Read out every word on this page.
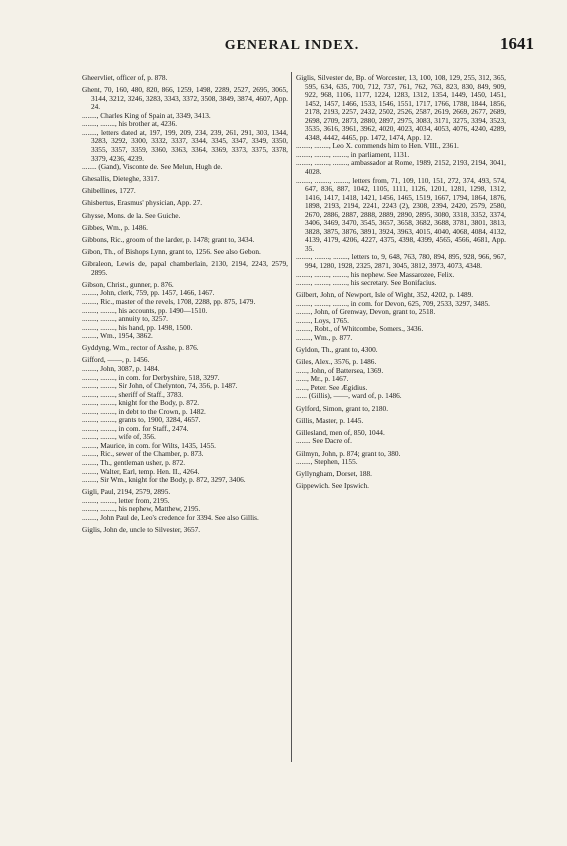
GENERAL INDEX.	1641

Gheervliet, officer of, p. 878.

Ghent, 70, 160, 480, 820, 866, 1259, 1498, 2289, 2527, 2695, 3065, 3144, 3212, 3246, 3283, 3343, 3372, 3508, 3849, 3874, 4607, App. 24.

........, Charles King of Spain at, 3349, 3413.

........, ........, his brother at, 4236.

........, letters dated at, 197, 199, 209, 234, 239, 261, 291, 303, 1344, 3283, 3292, 3300, 3332, 3337, 3344, 3345, 3347, 3349, 3350, 3355, 3357, 3359, 3360, 3363, 3364, 3369, 3373, 3375, 3378, 3379, 4236, 4239.

........ (Gand), Visconte de. See Melun, Hugh de.

Ghesallis, Dieteghe, 3317.

Ghibellines, 1727.

Ghisbertus, Erasmus' physician, App. 27.

Ghysse, Mons. de la. See Guiche.

Gibbes, Wm., p. 1486.

Gibbons, Ric., groom of the larder, p. 1478; grant to, 3434.

Gibon, Th., of Bishops Lynn, grant to, 1256. See also Gebon.

Gibraleon, Lewis de, papal chamberlain, 2130, 2194, 2243, 2579, 2895.

Gibson, Christ., gunner, p. 876.

........, John, clerk, 759, pp. 1457, 1466, 1467.

........, Ric., master of the revels, 1708, 2288, pp. 875, 1479.

........, ........, his accounts, pp. 1490—1510.

........, ........, annuity to, 3257.

........, ........, his hand, pp. 1498, 1500.

........, Wm., 1954, 3862.

Gyddyng, Wm., rector of Asshe, p. 876.

Gifford, ——, p. 1456.

........, John, 3087, p. 1484.

........, ........, in com. for Derbyshire, 518, 3297.

........, ........, Sir John, of Chelynton, 74, 356, p. 1487.

........, ........, sheriff of Staff., 3783.

........, ........, knight for the Body, p. 872.

........, ........, in debt to the Crown, p. 1482.

........, ........, grants to, 1900, 3284, 4657.

........, ........, in com. for Staff., 2474.

........, ........, wife of, 356.

........, Maurice, in com. for Wilts, 1435, 1455.

........, Ric., sewer of the Chamber, p. 873.

........, Th., gentleman usher, p. 872.

........, Walter, Earl, temp. Hen. II., 4264.

........, Sir Wm., knight for the Body, p. 872, 3297, 3406.

Gigli, Paul, 2194, 2579, 2895.

........, ........, letter from, 2195.

........, ........, his nephew, Matthew, 2195.

........, John Paul de, Leo's credence for 3394. See also Gillis.

Giglis, John de, uncle to Silvester, 3657.

Giglis, Silvester de, Bp. of Worcester, 13, 100, 108, 129, 255, 312, 365, 595, 634, 635, 700, 712, 737, 761, 762, 763, 823, 830, 849, 909, 922, 968, 1106, 1177, 1224, 1283, 1312, 1354, 1449, 1450, 1451, 1452, 1457, 1466, 1533, 1546, 1551, 1717, 1766, 1788, 1844, 1856, 2178, 2193, 2257, 2432, 2502, 2526, 2587, 2619, 2669, 2677, 2689, 2698, 2709, 2873, 2880, 2897, 2975, 3083, 3171, 3275, 3394, 3523, 3535, 3616, 3961, 3962, 4020, 4023, 4034, 4053, 4076, 4240, 4289, 4348, 4442, 4465, pp. 1472, 1474, App. 12.

........, ........, Leo X. commends him to Hen. VIII., 2361.

........, ........, ........, in parliament, 1131.

........, ........, ........, ambassador at Rome, 1989, 2152, 2193, 2194, 3041, 4028.

........, ........, ........, letters from, 71, 109, 110, 151, 272, 374, 493, 574, 647, 836, 887, 1042, 1105, 1111, 1126, 1201, 1281, 1298, 1312, 1416, 1417, 1418, 1421, 1456, 1465, 1519, 1667, 1794, 1864, 1876, 1898, 2193, 2194, 2241, 2243 (2), 2308, 2394, 2420, 2579, 2580, 2670, 2886, 2887, 2888, 2889, 2890, 2895, 3080, 3318, 3352, 3374, 3406, 3469, 3470, 3545, 3657, 3658, 3682, 3688, 3781, 3801, 3813, 3828, 3875, 3876, 3891, 3924, 3963, 4015, 4040, 4068, 4084, 4132, 4139, 4179, 4206, 4227, 4375, 4398, 4399, 4565, 4566, 4681, App. 35.

........, ........, ........, letters to, 9, 648, 763, 780, 894, 895, 928, 966, 967, 994, 1280, 1928, 2325, 2871, 3045, 3812, 3973, 4073, 4348.

........, ........, ........, his nephew. See Massarozee, Felix.

........, ........, ........, his secretary. See Bonifacius.

Gilbert, John, of Newport, Isle of Wight, 352, 4202, p. 1489.

........, ........, ........, in com. for Devon, 625, 709, 2533, 3297, 3485.

........, John, of Grenway, Devon, grant to, 2518.

........, Loys, 1765.

........, Robt., of Whitcombe, Somers., 3436.

........, Wm., p. 877.

Gyldon, Th., grant to, 4300.

Giles, Alex., 3576, p. 1486.

......, John, of Battersea, 1369.

......, Mr., p. 1467.

......, Peter. See Ægidius.

...... (Gillis), ——, ward of, p. 1486.

Gylford, Simon, grant to, 2180.

Gillis, Master, p. 1445.

Gillesland, men of, 850, 1044.

........ See Dacre of.

Gilmyn, John, p. 874; grant to, 380.

........, Stephen, 1155.

Gyllyngham, Dorset, 188.

Gippewich. See Ipswich.
